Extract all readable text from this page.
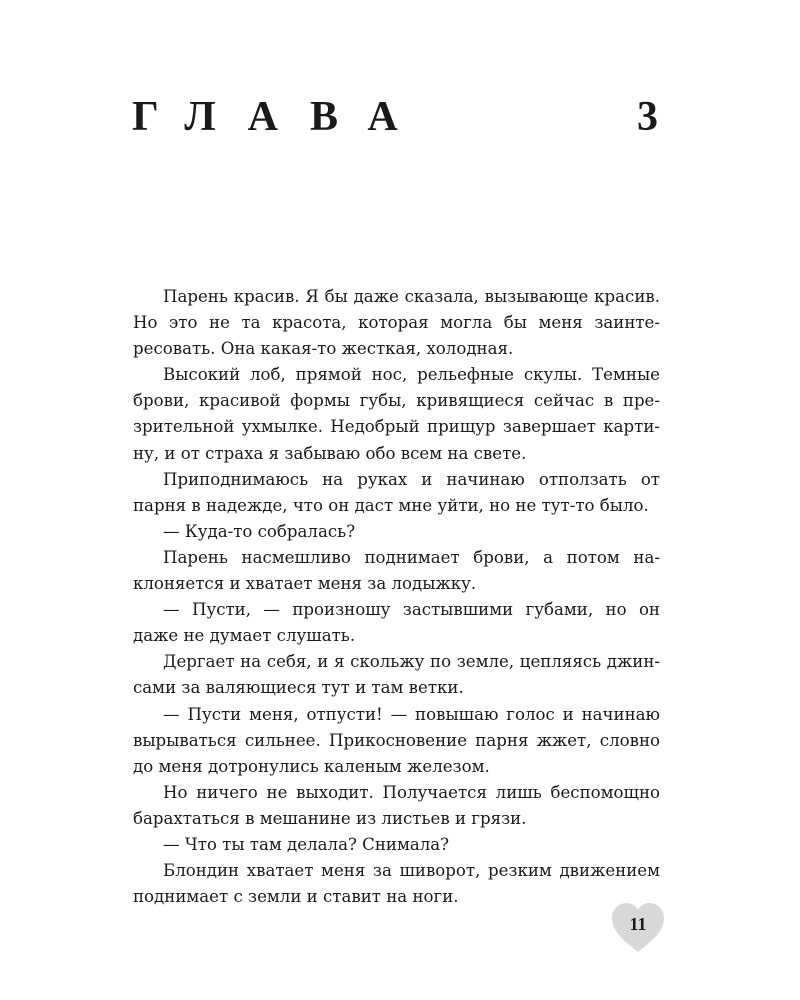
ГЛАВА	3

Парень красив. Я бы даже сказала, вызывающе красив. Но это не та красота, которая могла бы меня заинтересовать. Она какая-то жесткая, холодная.

Высокий лоб, прямой нос, рельефные скулы. Темные брови, красивой формы губы, кривящиеся сейчас в презрительной ухмылке. Недобрый прищур завершает картину, и от страха я забываю обо всем на свете.

Приподнимаюсь на руках и начинаю отползать от парня в надежде, что он даст мне уйти, но не тут-то было.

— Куда-то собралась?

Парень насмешливо поднимает брови, а потом наклоняется и хватает меня за лодыжку.

— Пусти, — произношу застывшими губами, но он даже не думает слушать.

Дергает на себя, и я скольжу по земле, цепляясь джинсами за валяющиеся тут и там ветки.

— Пусти меня, отпусти! — повышаю голос и начинаю вырываться сильнее. Прикосновение парня жжет, словно до меня дотронулись каленым железом.

Но ничего не выходит. Получается лишь беспомощно барахтаться в мешанине из листьев и грязи.

— Что ты там делала? Снимала?

Блондин хватает меня за шиворот, резким движением поднимает с земли и ставит на ноги.

11
